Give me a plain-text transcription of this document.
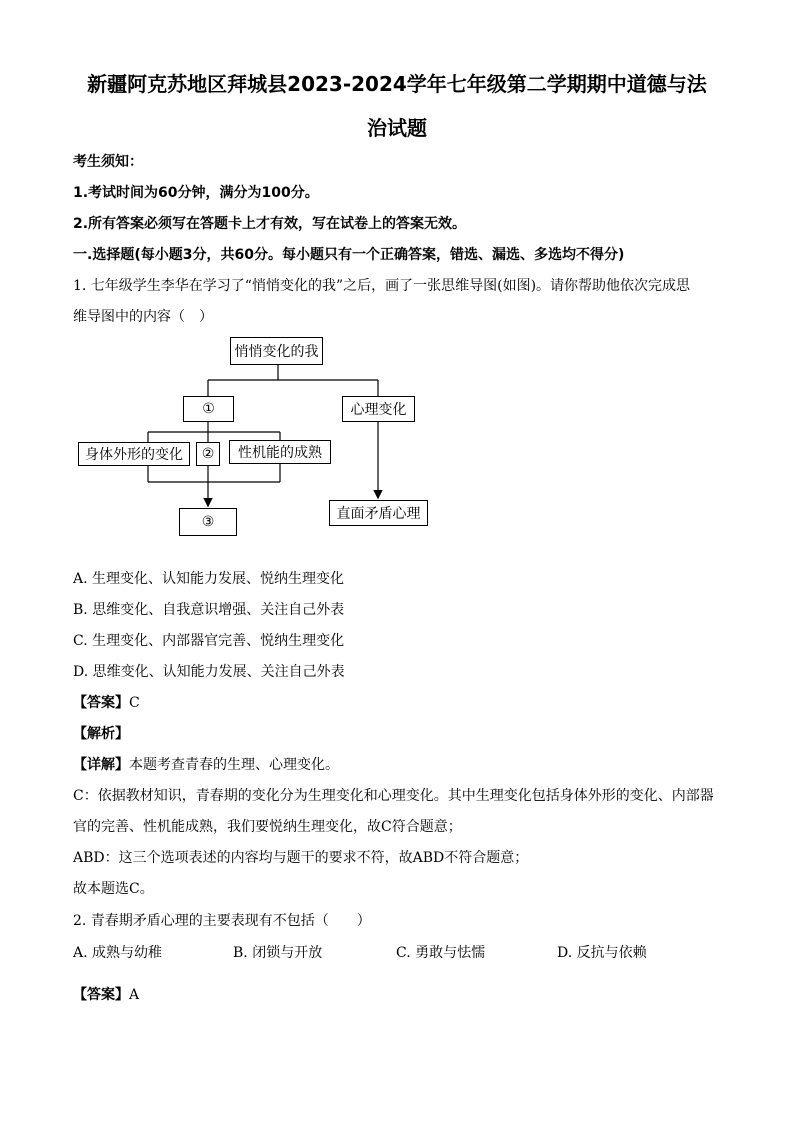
新疆阿克苏地区拜城县2023-2024学年七年级第二学期期中道德与法
治试题
考生须知：
1.考试时间为60分钟，满分为100分。
2.所有答案必须写在答题卡上才有效，写在试卷上的答案无效。
一.选择题(每小题3分，共60分。每小题只有一个正确答案，错选、漏选、多选均不得分)
1. 七年级学生李华在学习了“悄悄变化的我”之后，画了一张思维导图(如图)。请你帮助他依次完成思
维导图中的内容（　）
悄悄变化的我
①	心理变化
身体外形的变化	②	性机能的成熟
③	直面矛盾心理
A. 生理变化、认知能力发展、悦纳生理变化
B. 思维变化、自我意识增强、关注自己外表
C. 生理变化、内部器官完善、悦纳生理变化
D. 思维变化、认知能力发展、关注自己外表
【答案】C
【解析】
【详解】本题考查青春的生理、心理变化。
C：依据教材知识，青春期的变化分为生理变化和心理变化。其中生理变化包括身体外形的变化、内部器
官的完善、性机能成熟，我们要悦纳生理变化，故C符合题意；
ABD：这三个选项表述的内容均与题干的要求不符，故ABD不符合题意；
故本题选C。
2. 青春期矛盾心理的主要表现有不包括（　　）
A. 成熟与幼稚	B. 闭锁与开放	C. 勇敢与怯懦	D. 反抗与依赖
【答案】A
